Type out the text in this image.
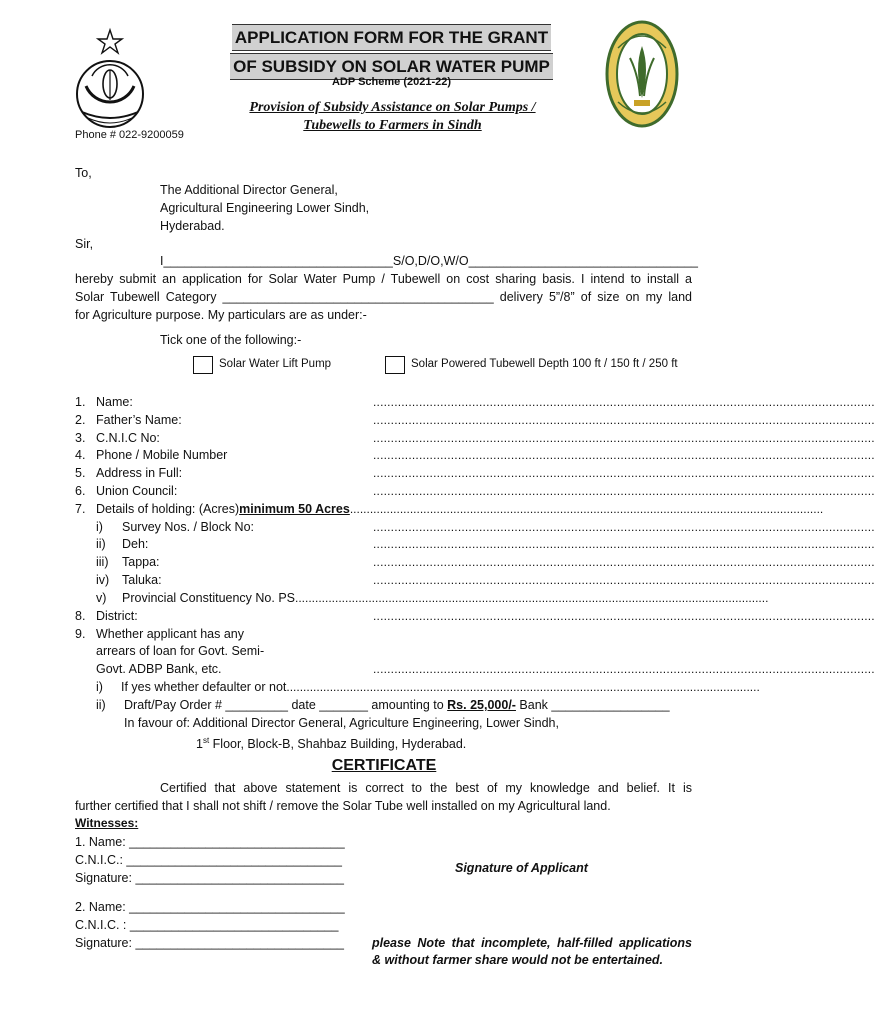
APPLICATION FORM FOR THE GRANT
OF SUBSIDY ON SOLAR WATER PUMP
ADP Scheme (2021-22)
Provision of Subsidy Assistance on Solar Pumps /
Tubewells to Farmers in Sindh
Phone # 022-9200059
To,
The Additional Director General,
Agricultural Engineering Lower Sindh,
Hyderabad.
Sir,
I_________________________________S/O,D/O,W/O_________________________________
hereby submit an application for Solar Water Pump / Tubewell on cost sharing basis. I intend to install a
Solar Tubewell Category _______________________________________ delivery 5”/8” of size on my land
for Agriculture purpose. My particulars are as under:-
Tick one of the following:-
Solar Water Lift Pump	Solar Powered Tubewell Depth 100 ft / 150 ft / 250 ft
1. Name:	..............................................................................................................................................
2. Father’s Name:	..............................................................................................................................................
3. C.N.I.C No:	..............................................................................................................................................
4. Phone / Mobile Number	..............................................................................................................................................
5. Address in Full:	..............................................................................................................................................
6. Union Council:	..............................................................................................................................................
7. Details of holding: (Acres)minimum 50 Acres..............................................................................................................................................
i) Survey Nos. / Block No:	..............................................................................................................................................
ii) Deh:	..............................................................................................................................................
iii) Tappa:	..............................................................................................................................................
iv) Taluka:	..............................................................................................................................................
v) Provincial Constituency No. PS..............................................................................................................................................
8. District:	..............................................................................................................................................
9. Whether applicant has any
arrears of loan for Govt. Semi-
Govt. ADBP Bank, etc.	..............................................................................................................................................
i) If yes whether defaulter or not..............................................................................................................................................
ii) Draft/Pay Order # _________ date _______ amounting to Rs. 25,000/- Bank _________________
In favour of: Additional Director General, Agriculture Engineering, Lower Sindh,
1st Floor, Block-B, Shahbaz Building, Hyderabad.
CERTIFICATE
Certified that above statement is correct to the best of my knowledge and belief. It is
further certified that I shall not shift / remove the Solar Tube well installed on my Agricultural land.
Witnesses:
1. Name: _______________________________
C.N.I.C.: _______________________________
Signature: ______________________________
2. Name: _______________________________
C.N.I.C. : ______________________________
Signature: ______________________________
Signature of Applicant
please Note that incomplete, half-filled applications
& without farmer share would not be entertained.
